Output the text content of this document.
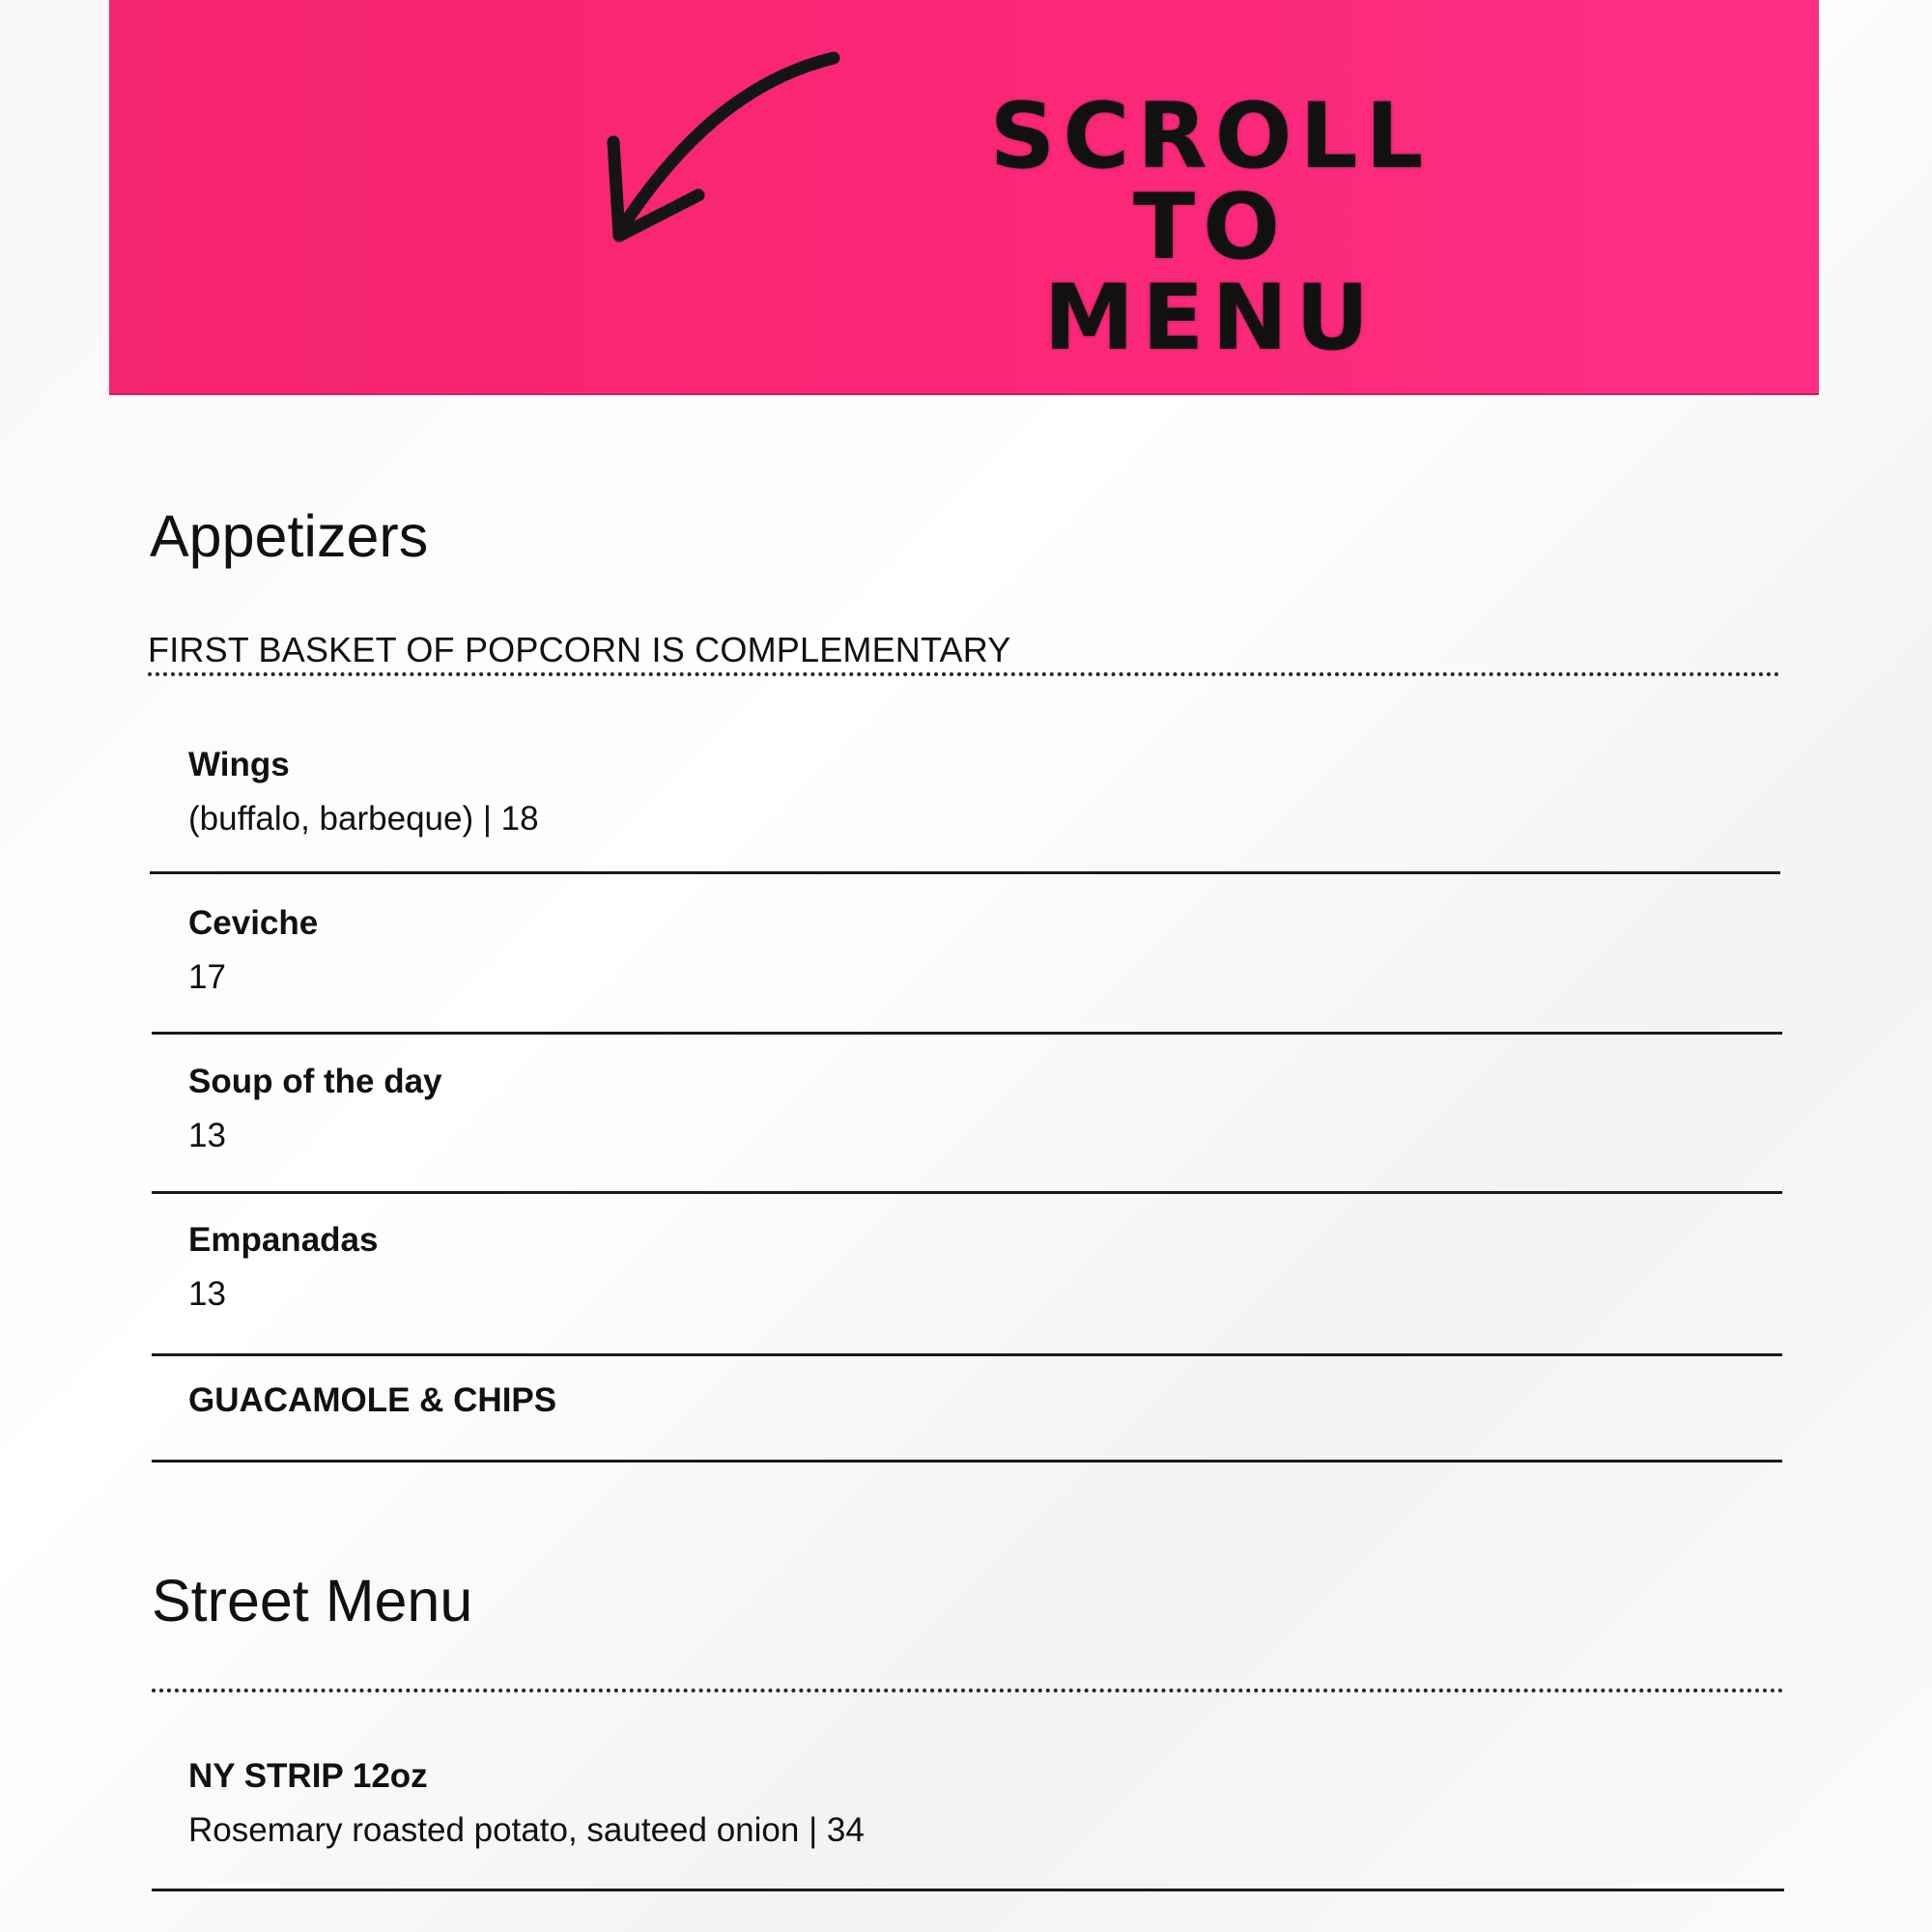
SCROLL TO
MENU
Appetizers
FIRST BASKET OF POPCORN IS COMPLEMENTARY
Wings
(buffalo, barbeque) | 18
Ceviche
17
Soup of the day
13
Empanadas
13
GUACAMOLE & CHIPS
Street Menu
NY STRIP 12oz
Rosemary roasted potato, sauteed onion | 34
